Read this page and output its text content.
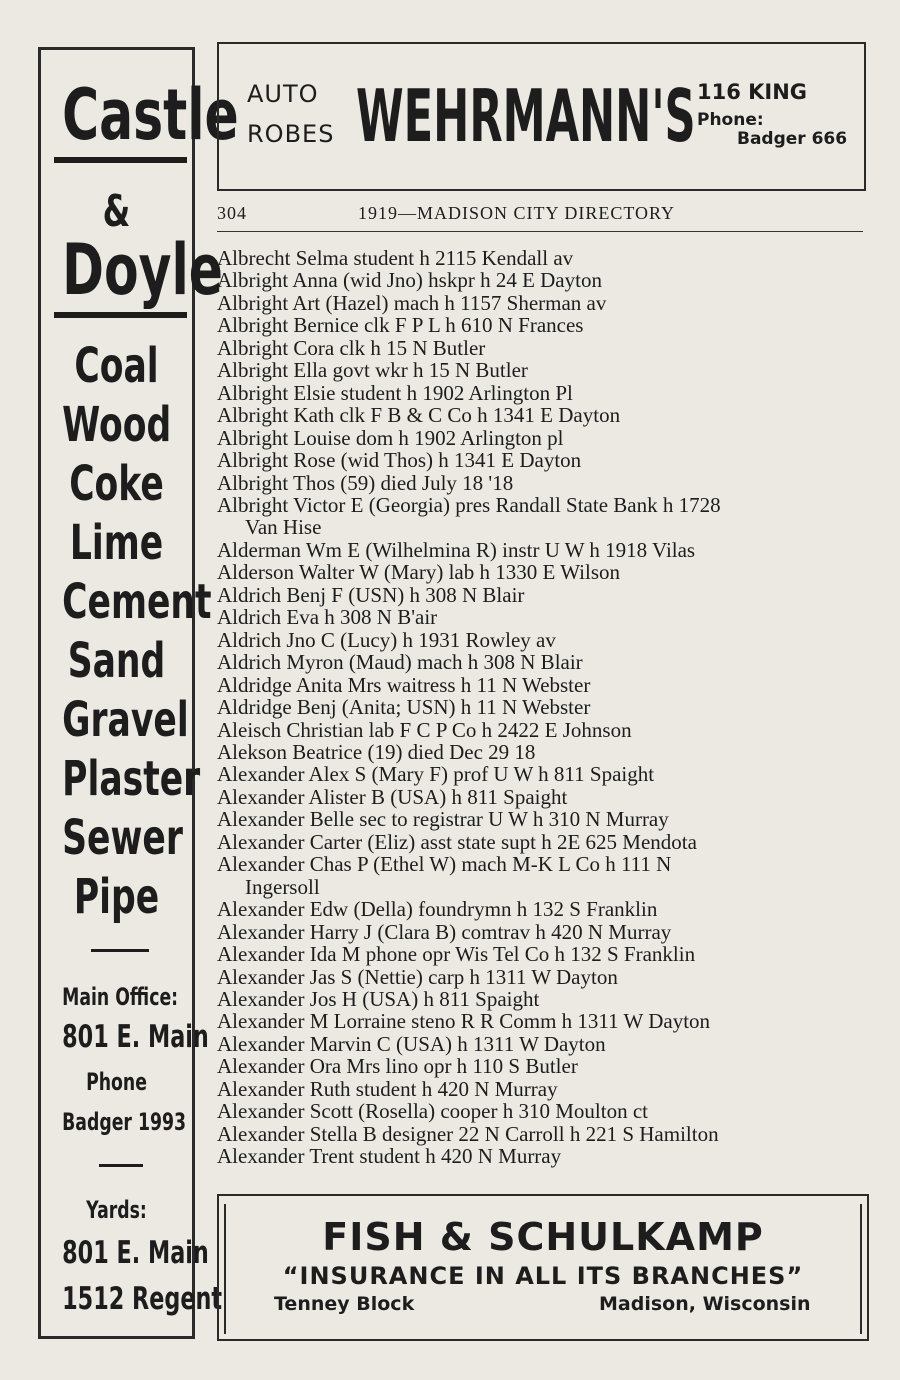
Castle
&
Doyle
Coal
Wood
Coke
Lime
Cement
Sand
Gravel
Plaster
Sewer
Pipe
Main Office:
801 E. Main
Phone
Badger 1993
Yards:
801 E. Main
1512 Regent
AUTO
ROBES WEHRMANN'S 116 KING
Phone:
Badger 666
304	1919—MADISON CITY DIRECTORY
Albrecht Selma student h 2115 Kendall av
Albright Anna (wid Jno) hskpr h 24 E Dayton
Albright Art (Hazel) mach h 1157 Sherman av
Albright Bernice clk F P L h 610 N Frances
Albright Cora clk h 15 N Butler
Albright Ella govt wkr h 15 N Butler
Albright Elsie student h 1902 Arlington Pl
Albright Kath clk F B & C Co h 1341 E Dayton
Albright Louise dom h 1902 Arlington pl
Albright Rose (wid Thos) h 1341 E Dayton
Albright Thos (59) died July 18 '18
Albright Victor E (Georgia) pres Randall State Bank h 1728
Van Hise
Alderman Wm E (Wilhelmina R) instr U W h 1918 Vilas
Alderson Walter W (Mary) lab h 1330 E Wilson
Aldrich Benj F (USN) h 308 N Blair
Aldrich Eva h 308 N B'air
Aldrich Jno C (Lucy) h 1931 Rowley av
Aldrich Myron (Maud) mach h 308 N Blair
Aldridge Anita Mrs waitress h 11 N Webster
Aldridge Benj (Anita; USN) h 11 N Webster
Aleisch Christian lab F C P Co h 2422 E Johnson
Alekson Beatrice (19) died Dec 29 18
Alexander Alex S (Mary F) prof U W h 811 Spaight
Alexander Alister B (USA) h 811 Spaight
Alexander Belle sec to registrar U W h 310 N Murray
Alexander Carter (Eliz) asst state supt h 2E 625 Mendota
Alexander Chas P (Ethel W) mach M-K L Co h 111 N
Ingersoll
Alexander Edw (Della) foundrymn h 132 S Franklin
Alexander Harry J (Clara B) comtrav h 420 N Murray
Alexander Ida M phone opr Wis Tel Co h 132 S Franklin
Alexander Jas S (Nettie) carp h 1311 W Dayton
Alexander Jos H (USA) h 811 Spaight
Alexander M Lorraine steno R R Comm h 1311 W Dayton
Alexander Marvin C (USA) h 1311 W Dayton
Alexander Ora Mrs lino opr h 110 S Butler
Alexander Ruth student h 420 N Murray
Alexander Scott (Rosella) cooper h 310 Moulton ct
Alexander Stella B designer 22 N Carroll h 221 S Hamilton
Alexander Trent student h 420 N Murray
FISH & SCHULKAMP
“INSURANCE IN ALL ITS BRANCHES”
Tenney Block	Madison, Wisconsin
